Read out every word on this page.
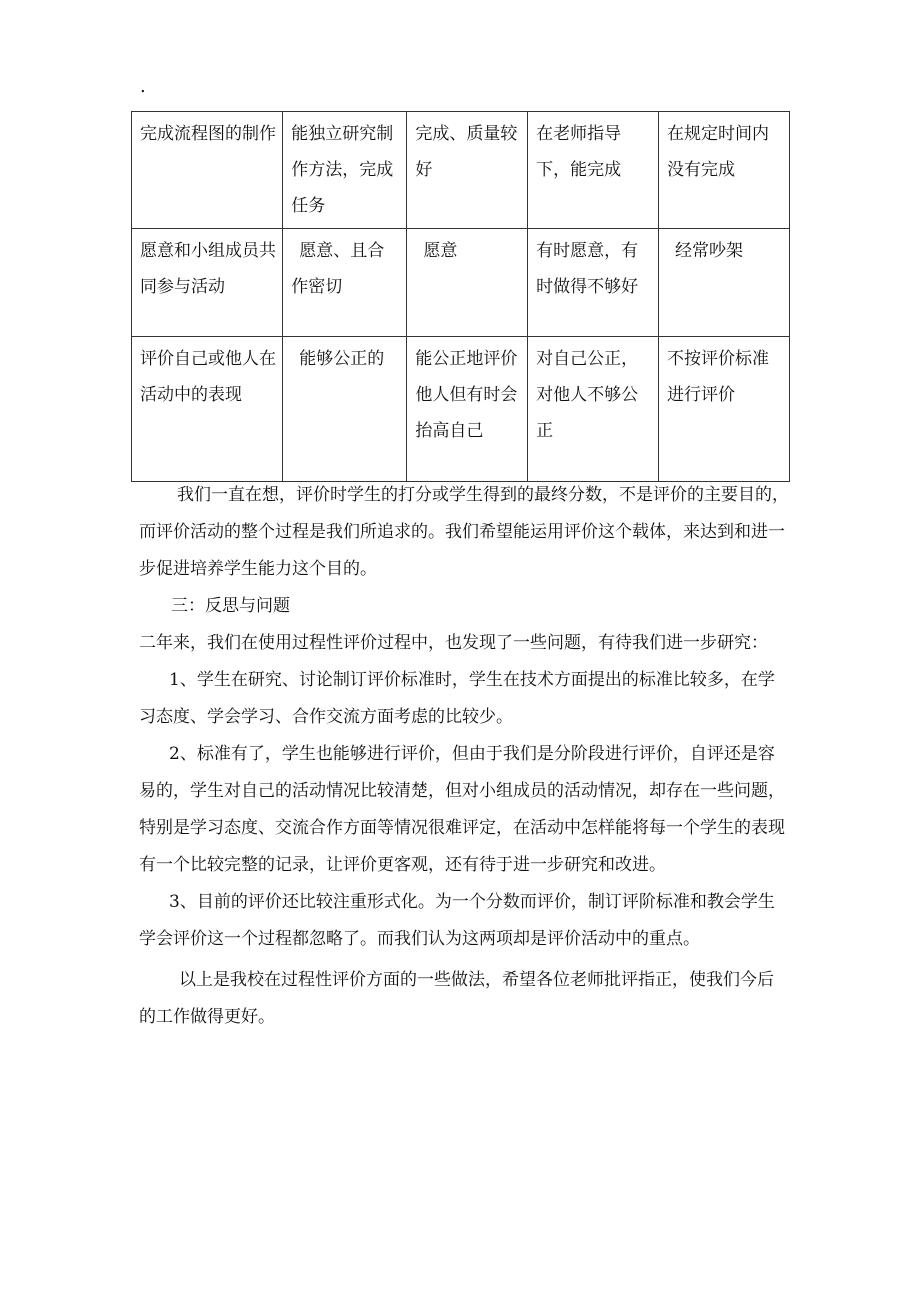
.
完成流程图的制作	能独立研究制作方法，完成任务	完成、质量较好	在老师指导下，能完成	在规定时间内没有完成
愿意和小组成员共同参与活动	愿意、且合作密切	愿意	有时愿意，有时做得不够好	经常吵架
评价自己或他人在活动中的表现	能够公正的	能公正地评价他人但有时会抬高自己	对自己公正，对他人不够公正	不按评价标准进行评价

我们一直在想，评价时学生的打分或学生得到的最终分数，不是评价的主要目的，而评价活动的整个过程是我们所追求的。我们希望能运用评价这个载体，来达到和进一步促进培养学生能力这个目的。

三：反思与问题

二年来，我们在使用过程性评价过程中，也发现了一些问题，有待我们进一步研究：

1、学生在研究、讨论制订评价标准时，学生在技术方面提出的标准比较多，在学习态度、学会学习、合作交流方面考虑的比较少。

2、标准有了，学生也能够进行评价，但由于我们是分阶段进行评价，自评还是容易的，学生对自己的活动情况比较清楚，但对小组成员的活动情况，却存在一些问题，特别是学习态度、交流合作方面等情况很难评定，在活动中怎样能将每一个学生的表现有一个比较完整的记录，让评价更客观，还有待于进一步研究和改进。

3、目前的评价还比较注重形式化。为一个分数而评价，制订评阶标准和教会学生学会评价这一个过程都忽略了。而我们认为这两项却是评价活动中的重点。

以上是我校在过程性评价方面的一些做法，希望各位老师批评指正，使我们今后的工作做得更好。
